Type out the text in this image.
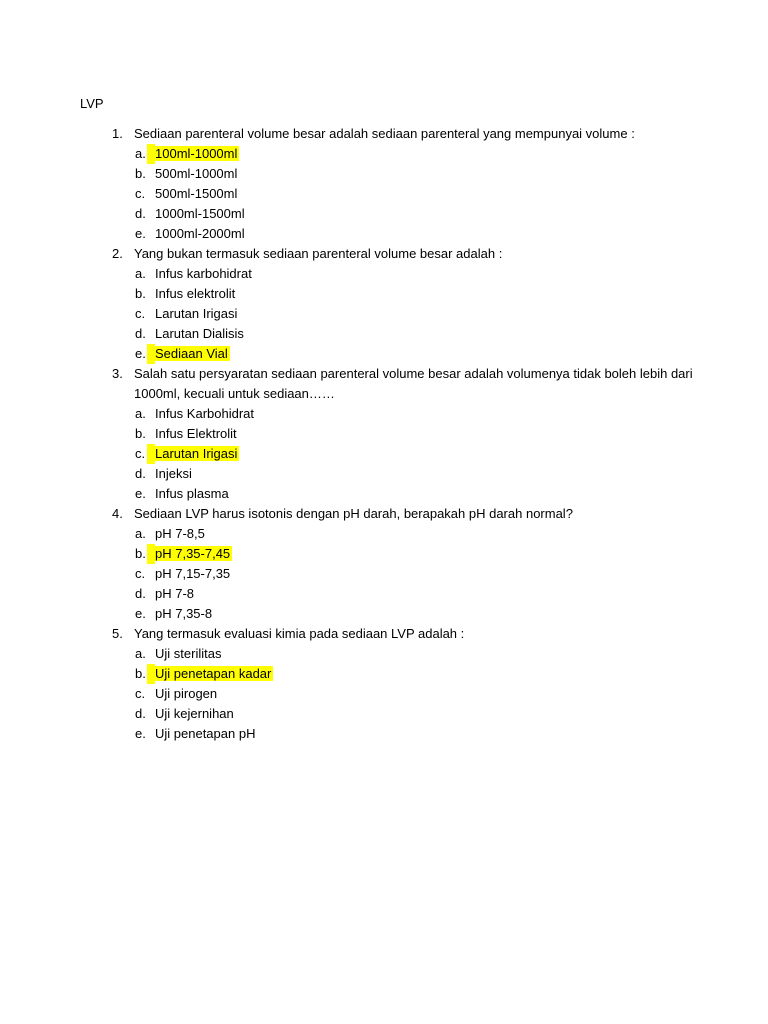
LVP
1. Sediaan parenteral volume besar adalah sediaan parenteral yang mempunyai volume :
a. 100ml-1000ml
b. 500ml-1000ml
c. 500ml-1500ml
d. 1000ml-1500ml
e. 1000ml-2000ml
2. Yang bukan termasuk sediaan parenteral volume besar adalah :
a. Infus karbohidrat
b. Infus elektrolit
c. Larutan Irigasi
d. Larutan Dialisis
e. Sediaan Vial
3. Salah satu persyaratan sediaan parenteral volume besar adalah volumenya tidak boleh lebih dari 1000ml, kecuali untuk sediaan……
a. Infus Karbohidrat
b. Infus Elektrolit
c. Larutan Irigasi
d. Injeksi
e. Infus plasma
4. Sediaan LVP harus isotonis dengan pH darah, berapakah pH darah normal?
a. pH 7-8,5
b. pH 7,35-7,45
c. pH 7,15-7,35
d. pH 7-8
e. pH 7,35-8
5. Yang termasuk evaluasi kimia pada sediaan LVP adalah :
a. Uji sterilitas
b. Uji penetapan kadar
c. Uji pirogen
d. Uji kejernihan
e. Uji penetapan pH
